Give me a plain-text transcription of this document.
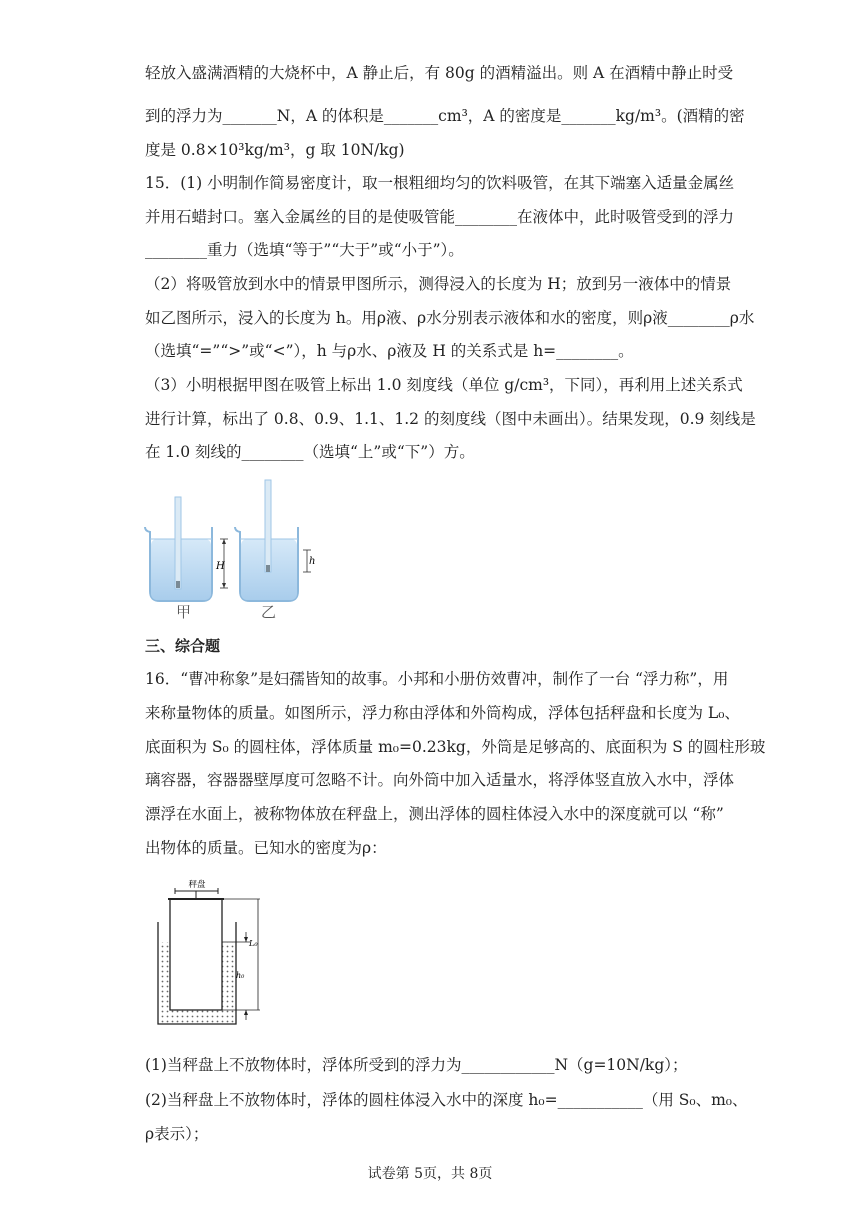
轻放入盛满酒精的大烧杯中，A 静止后，有 80g 的酒精溢出。则 A 在酒精中静止时受
到的浮力为_______N，A 的体积是_______cm³，A 的密度是_______kg/m³。(酒精的密
度是 0.8×10³kg/m³，g 取 10N/kg)
15．(1) 小明制作简易密度计，取一根粗细均匀的饮料吸管，在其下端塞入适量金属丝
并用石蜡封口。塞入金属丝的目的是使吸管能________在液体中，此时吸管受到的浮力
________重力（选填“等于”“大于”或“小于”）。
（2）将吸管放到水中的情景甲图所示，测得浸入的长度为 H；放到另一液体中的情景
如乙图所示，浸入的长度为 h。用ρ液、ρ水分别表示液体和水的密度，则ρ液________ρ水
（选填“=”“>”或“<”），h 与ρ水、ρ液及 H 的关系式是 h=________。
（3）小明根据甲图在吸管上标出 1.0 刻度线（单位 g/cm³，下同），再利用上述关系式
进行计算，标出了 0.8、0.9、1.1、1.2 的刻度线（图中未画出）。结果发现，0.9 刻线是
在 1.0 刻线的________（选填“上”或“下”）方。
H	h
甲	乙
三、综合题
16．“曹冲称象”是妇孺皆知的故事。小邦和小册仿效曹冲，制作了一台 “浮力称”，用
来称量物体的质量。如图所示，浮力称由浮体和外筒构成，浮体包括秤盘和长度为 L₀、
底面积为 S₀ 的圆柱体，浮体质量 m₀=0.23kg，外筒是足够高的、底面积为 S 的圆柱形玻
璃容器，容器器壁厚度可忽略不计。向外筒中加入适量水，将浮体竖直放入水中，浮体
漂浮在水面上，被称物体放在秤盘上，测出浮体的圆柱体浸入水中的深度就可以 “称”
出物体的质量。已知水的密度为ρ：
秤盘
L₀
h₀
(1)当秤盘上不放物体时，浮体所受到的浮力为____________N（g=10N/kg）；
(2)当秤盘上不放物体时，浮体的圆柱体浸入水中的深度 h₀=___________（用 S₀、m₀、
ρ表示）；
试卷第 5页，共 8页
